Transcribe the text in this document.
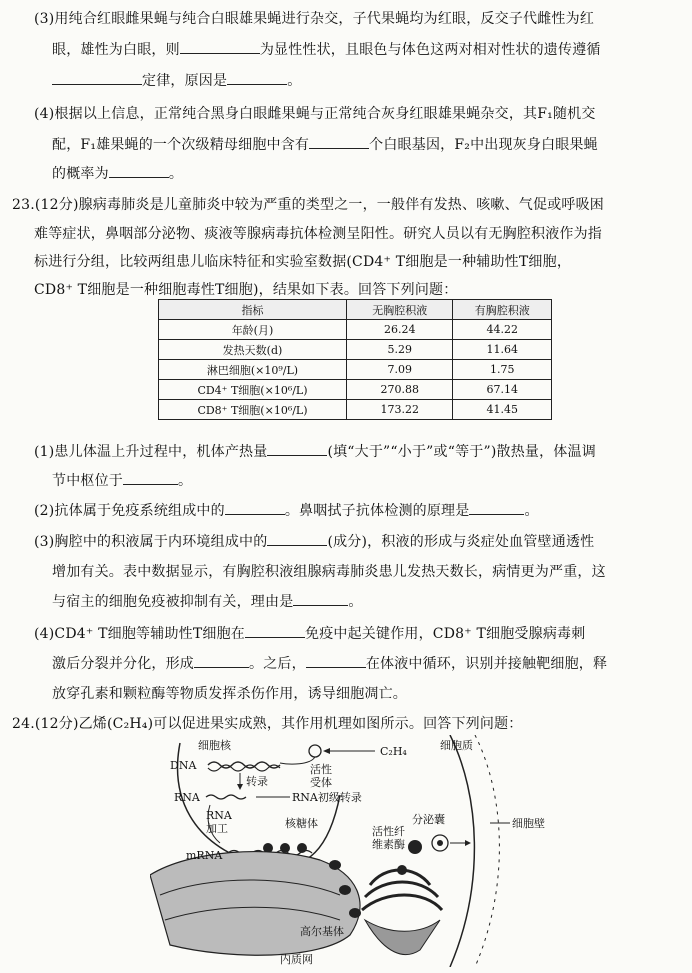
(3)用纯合红眼雌果蝇与纯合白眼雄果蝇进行杂交，子代果蝇均为红眼，反交子代雌性为红
眼，雄性为白眼，则	为显性性状，且眼色与体色这两对相对性状的遗传遵循
定律，原因是	。
(4)根据以上信息，正常纯合黑身白眼雌果蝇与正常纯合灰身红眼雄果蝇杂交，其F₁随机交
配，F₁雄果蝇的一个次级精母细胞中含有	个白眼基因，F₂中出现灰身白眼果蝇
的概率为	。
23.(12分)腺病毒肺炎是儿童肺炎中较为严重的类型之一，一般伴有发热、咳嗽、气促或呼吸困
难等症状，鼻咽部分泌物、痰液等腺病毒抗体检测呈阳性。研究人员以有无胸腔积液作为指
标进行分组，比较两组患儿临床特征和实验室数据(CD4⁺ T细胞是一种辅助性T细胞，
CD8⁺ T细胞是一种细胞毒性T细胞)，结果如下表。回答下列问题：
指标	无胸腔积液	有胸腔积液
年龄(月)	26.24	44.22
发热天数(d)	5.29	11.64
淋巴细胞(×10⁹/L)	7.09	1.75
CD4⁺ T细胞(×10⁶/L)	270.88	67.14
CD8⁺ T细胞(×10⁶/L)	173.22	41.45
(1)患儿体温上升过程中，机体产热量	(填“大于”“小于”或“等于”)散热量，体温调
节中枢位于	。
(2)抗体属于免疫系统组成中的	。鼻咽拭子抗体检测的原理是	。
(3)胸腔中的积液属于内环境组成中的	(成分)，积液的形成与炎症处血管壁通透性
增加有关。表中数据显示，有胸腔积液组腺病毒肺炎患儿发热天数长，病情更为严重，这
与宿主的细胞免疫被抑制有关，理由是	。
(4)CD4⁺ T细胞等辅助性T细胞在	免疫中起关键作用，CD8⁺ T细胞受腺病毒刺
激后分裂并分化，形成	。之后，	在体液中循环，识别并接触靶细胞，释
放穿孔素和颗粒酶等物质发挥杀伤作用，诱导细胞凋亡。
24.(12分)乙烯(C₂H₄)可以促进果实成熟，其作用机理如图所示。回答下列问题：
细胞核
DNA
转录
活性
受体
C₂H₄
RNA	RNA初级转录
RNA
加工	核糖体
mRNA
活性纤
维素酶
分泌囊
细胞质
细胞壁
高尔基体
内质网
